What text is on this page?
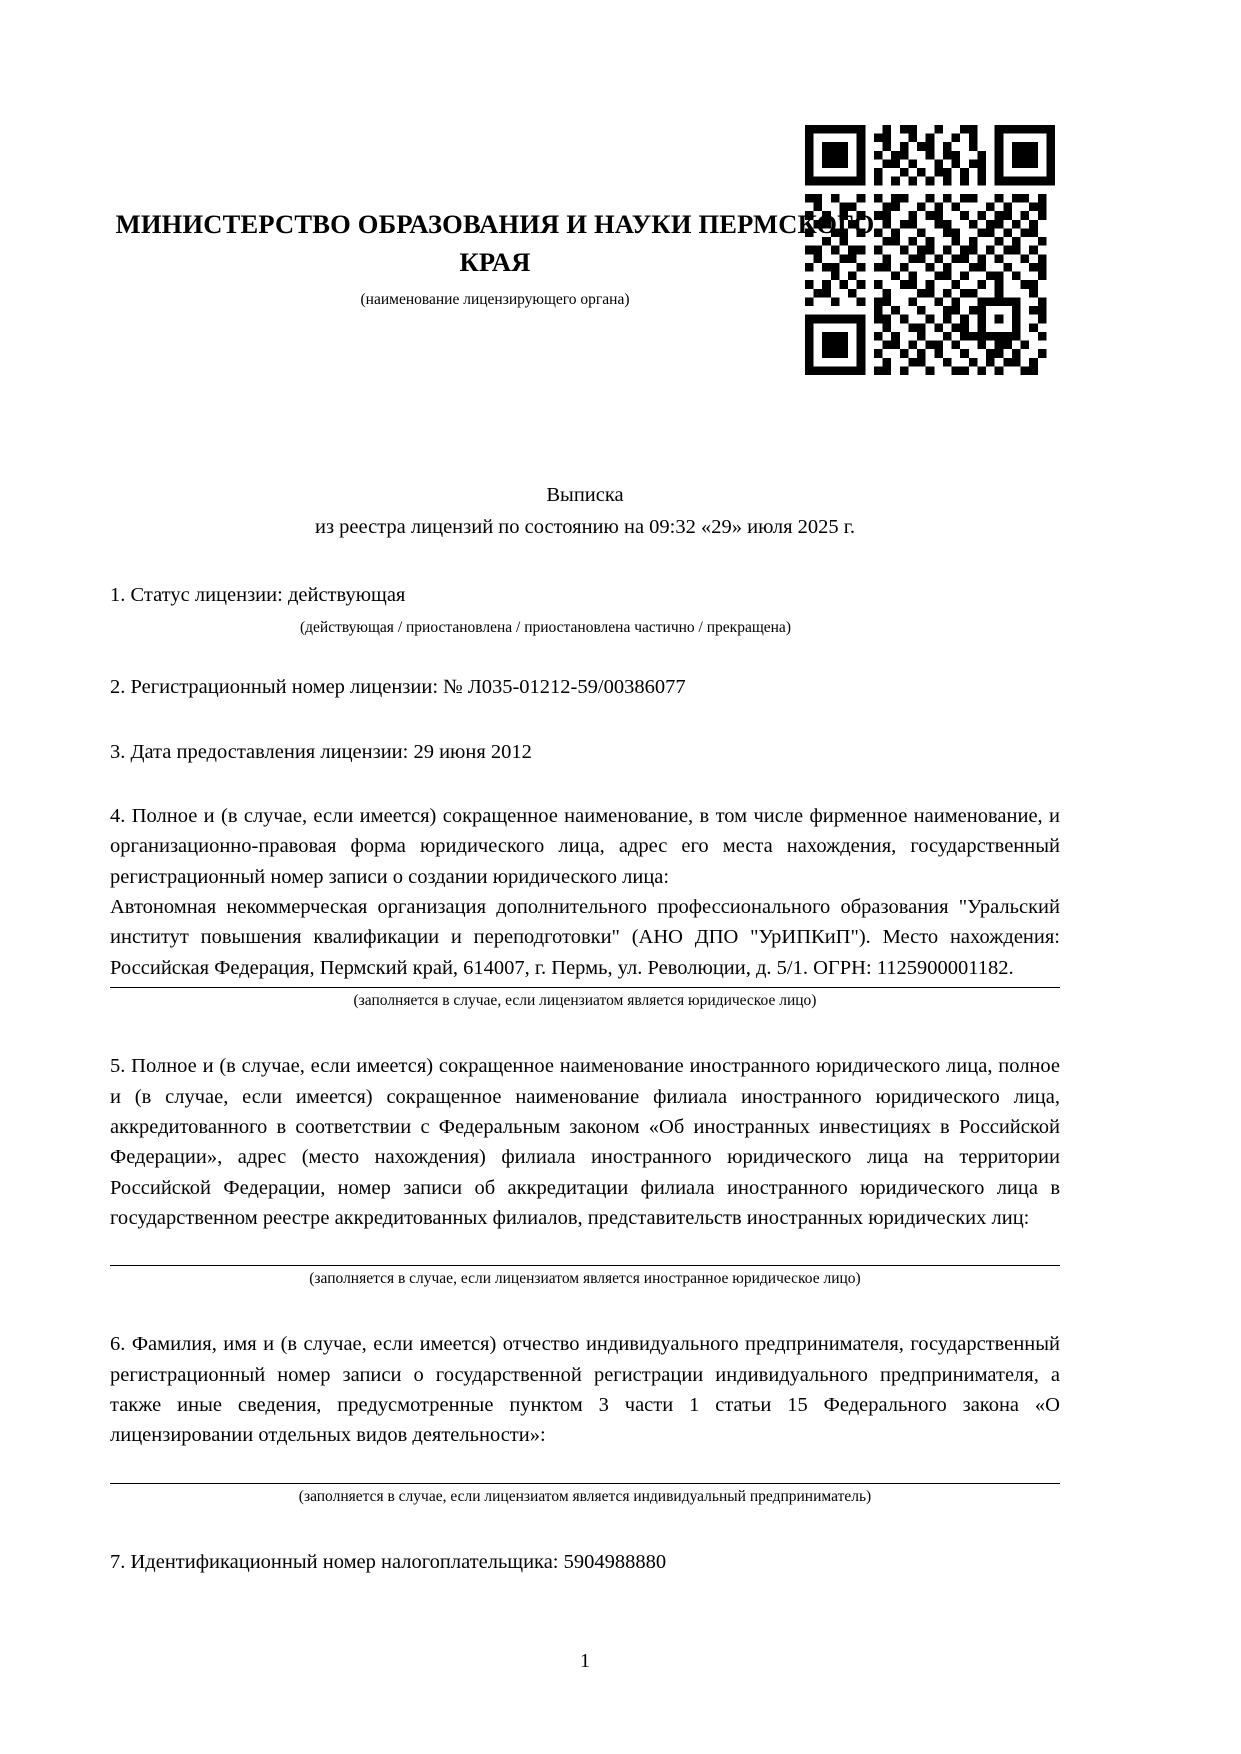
МИНИСТЕРСТВО ОБРАЗОВАНИЯ И НАУКИ ПЕРМСКОГО КРАЯ
(наименование лицензирующего органа)
Выписка
из реестра лицензий по состоянию на 09:32 «29» июля 2025 г.

1. Статус лицензии: действующая

(действующая / приостановлена / приостановлена частично / прекращена)

2. Регистрационный номер лицензии: № Л035-01212-59/00386077

3. Дата предоставления лицензии: 29 июня 2012

4. Полное и (в случае, если имеется) сокращенное наименование, в том числе фирменное наименование, и организационно-правовая форма юридического лица, адрес его места нахождения, государственный регистрационный номер записи о создании юридического лица:

Автономная некоммерческая организация дополнительного профессионального образования "Уральский институт повышения квалификации и переподготовки" (АНО ДПО "УрИПКиП"). Место нахождения: Российская Федерация, Пермский край, 614007, г. Пермь, ул. Революции, д. 5/1. ОГРН: 1125900001182.

(заполняется в случае, если лицензиатом является юридическое лицо)

5. Полное и (в случае, если имеется) сокращенное наименование иностранного юридического лица, полное и (в случае, если имеется) сокращенное наименование филиала иностранного юридического лица, аккредитованного в соответствии с Федеральным законом «Об иностранных инвестициях в Российской Федерации», адрес (место нахождения) филиала иностранного юридического лица на территории Российской Федерации, номер записи об аккредитации филиала иностранного юридического лица в государственном реестре аккредитованных филиалов, представительств иностранных юридических лиц:

(заполняется в случае, если лицензиатом является иностранное юридическое лицо)

6. Фамилия, имя и (в случае, если имеется) отчество индивидуального предпринимателя, государственный регистрационный номер записи о государственной регистрации индивидуального предпринимателя, а также иные сведения, предусмотренные пунктом 3 части 1 статьи 15 Федерального закона «О лицензировании отдельных видов деятельности»:

(заполняется в случае, если лицензиатом является индивидуальный предприниматель)

7. Идентификационный номер налогоплательщика: 5904988880

1
